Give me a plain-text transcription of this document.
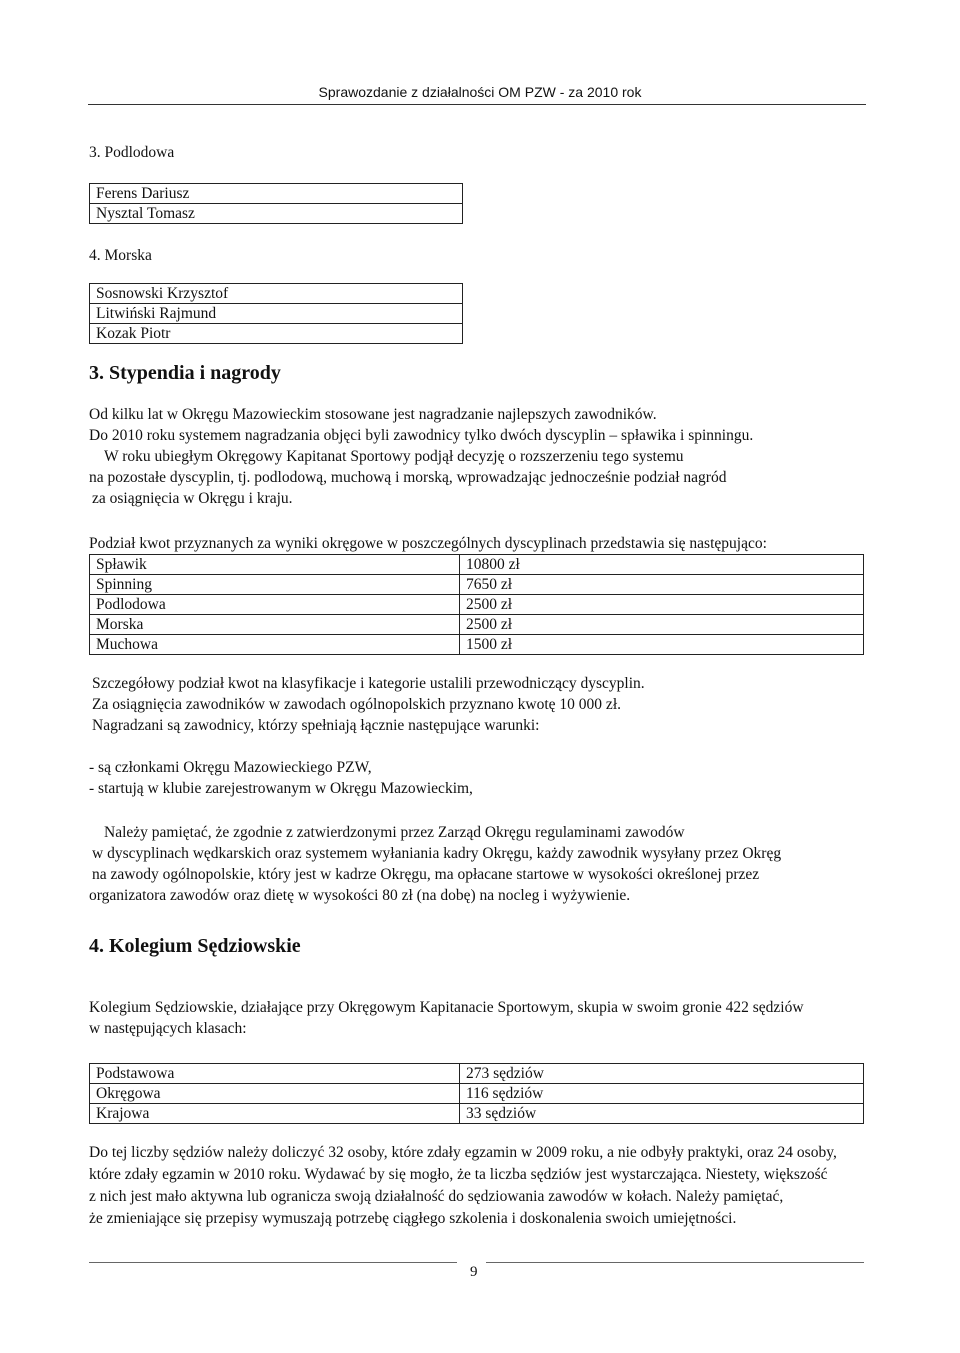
Sprawozdanie z działalności OM PZW - za 2010 rok
3. Podlodowa
Ferens Dariusz
Nysztal Tomasz
4. Morska
Sosnowski Krzysztof
Litwiński Rajmund
Kozak Piotr
3. Stypendia i nagrody
Od kilku lat w Okręgu Mazowieckim stosowane jest nagradzanie najlepszych zawodników.
Do 2010 roku systemem nagradzania objęci byli zawodnicy tylko dwóch dyscyplin – spławika i spinningu.
W roku ubiegłym Okręgowy Kapitanat Sportowy podjął decyzję o rozszerzeniu tego systemu
na pozostałe dyscyplin, tj. podlodową, muchową i morską, wprowadzając jednocześnie podział nagród
za osiągnięcia w Okręgu i kraju.
Podział kwot przyznanych za wyniki okręgowe w poszczególnych dyscyplinach przedstawia się następująco:
Spławik	10800 zł
Spinning	7650 zł
Podlodowa	2500 zł
Morska	2500 zł
Muchowa	1500 zł
Szczegółowy podział kwot na klasyfikacje i kategorie ustalili przewodniczący dyscyplin.
Za osiągnięcia zawodników w zawodach ogólnopolskich przyznano kwotę 10 000 zł.
Nagradzani są zawodnicy, którzy spełniają łącznie następujące warunki:
- są członkami Okręgu Mazowieckiego PZW,
- startują w klubie zarejestrowanym w Okręgu Mazowieckim,
Należy pamiętać, że zgodnie z zatwierdzonymi przez Zarząd Okręgu regulaminami zawodów
w dyscyplinach wędkarskich oraz systemem wyłaniania kadry Okręgu, każdy zawodnik wysyłany przez Okręg
na zawody ogólnopolskie, który jest w kadrze Okręgu, ma opłacane startowe w wysokości określonej przez
organizatora zawodów oraz dietę w wysokości 80 zł (na dobę) na nocleg i wyżywienie.
4. Kolegium Sędziowskie
Kolegium Sędziowskie, działające przy Okręgowym Kapitanacie Sportowym, skupia w swoim gronie 422 sędziów
w następujących klasach:
Podstawowa	273 sędziów
Okręgowa	116 sędziów
Krajowa	33 sędziów
Do tej liczby sędziów należy doliczyć 32 osoby, które zdały egzamin w 2009 roku, a nie odbyły praktyki, oraz 24 osoby,
które zdały egzamin w 2010 roku. Wydawać by się mogło, że ta liczba sędziów jest wystarczająca. Niestety, większość
z nich jest mało aktywna lub ogranicza swoją działalność do sędziowania zawodów w kołach. Należy pamiętać,
że zmieniające się przepisy wymuszają potrzebę ciągłego szkolenia i doskonalenia swoich umiejętności.
9
